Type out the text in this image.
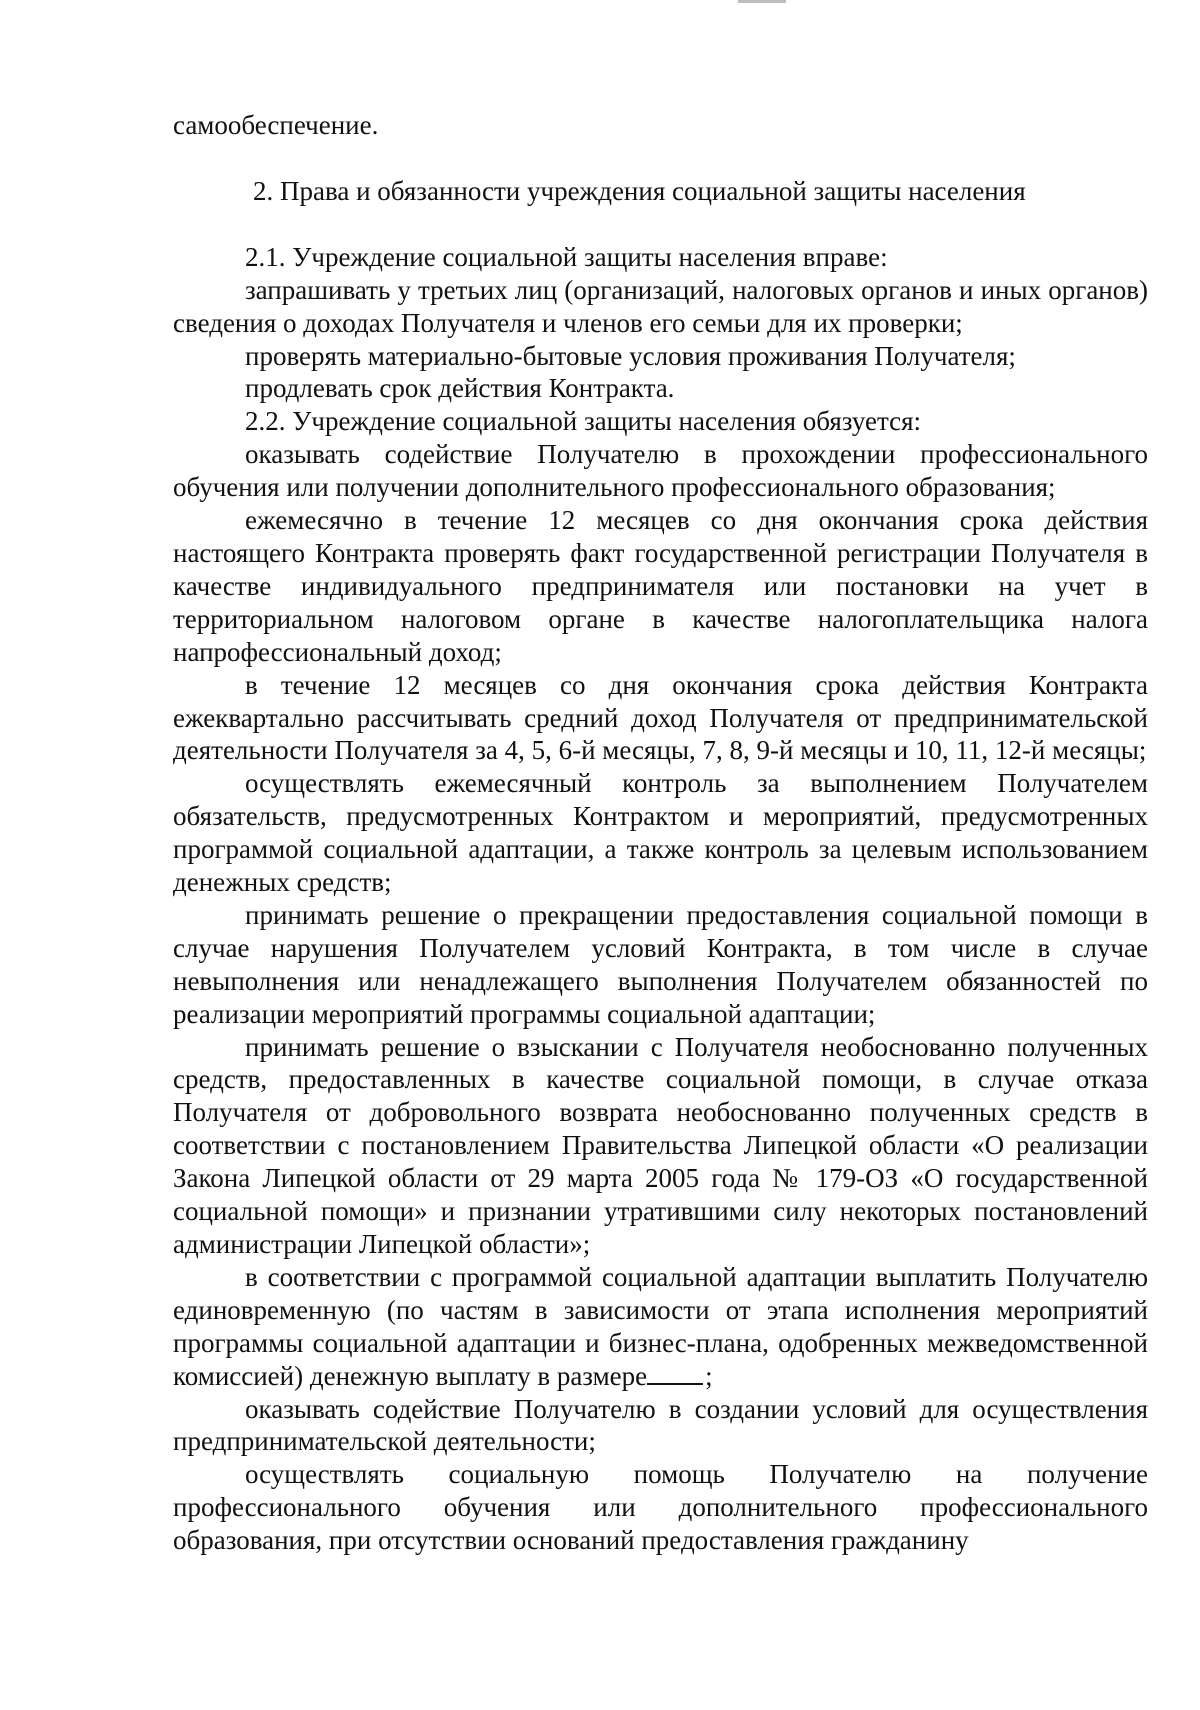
самообеспечение.

2. Права и обязанности учреждения социальной защиты населения

2.1. Учреждение социальной защиты населения вправе:

запрашивать у третьих лиц (организаций, налоговых органов и иных органов) сведения о доходах Получателя и членов его семьи для их проверки;

проверять материально-бытовые условия проживания Получателя;

продлевать срок действия Контракта.

2.2. Учреждение социальной защиты населения обязуется:

оказывать содействие Получателю в прохождении профессионального обучения или получении дополнительного профессионального образования;

ежемесячно в течение 12 месяцев со дня окончания срока действия настоящего Контракта проверять факт государственной регистрации Получателя в качестве индивидуального предпринимателя или постановки на учет в территориальном налоговом органе в качестве налогоплательщика налога напрофессиональный доход;

в течение 12 месяцев со дня окончания срока действия Контракта ежеквартально рассчитывать средний доход Получателя от предпринимательской деятельности Получателя за 4, 5, 6-й месяцы, 7, 8, 9-й месяцы и 10, 11, 12-й месяцы;

осуществлять ежемесячный контроль за выполнением Получателем обязательств, предусмотренных Контрактом и мероприятий, предусмотренных программой социальной адаптации, а также контроль за целевым использованием денежных средств;

принимать решение о прекращении предоставления социальной помощи в случае нарушения Получателем условий Контракта, в том числе в случае невыполнения или ненадлежащего выполнения Получателем обязанностей по реализации мероприятий программы социальной адаптации;

принимать решение о взыскании с Получателя необоснованно полученных средств, предоставленных в качестве социальной помощи, в случае отказа Получателя от добровольного возврата необоснованно полученных средств в соответствии с постановлением Правительства Липецкой области «О реализации Закона Липецкой области от 29 марта 2005 года № 179-ОЗ «О государственной социальной помощи» и признании утратившими силу некоторых постановлений администрации Липецкой области»;

в соответствии с программой социальной адаптации выплатить Получателю единовременную (по частям в зависимости от этапа исполнения мероприятий программы социальной адаптации и бизнес-плана, одобренных межведомственной комиссией) денежную выплату в размере ;

оказывать содействие Получателю в создании условий для осуществления предпринимательской деятельности;

осуществлять социальную помощь Получателю на получение профессионального обучения или дополнительного профессионального образования, при отсутствии оснований предоставления гражданину
